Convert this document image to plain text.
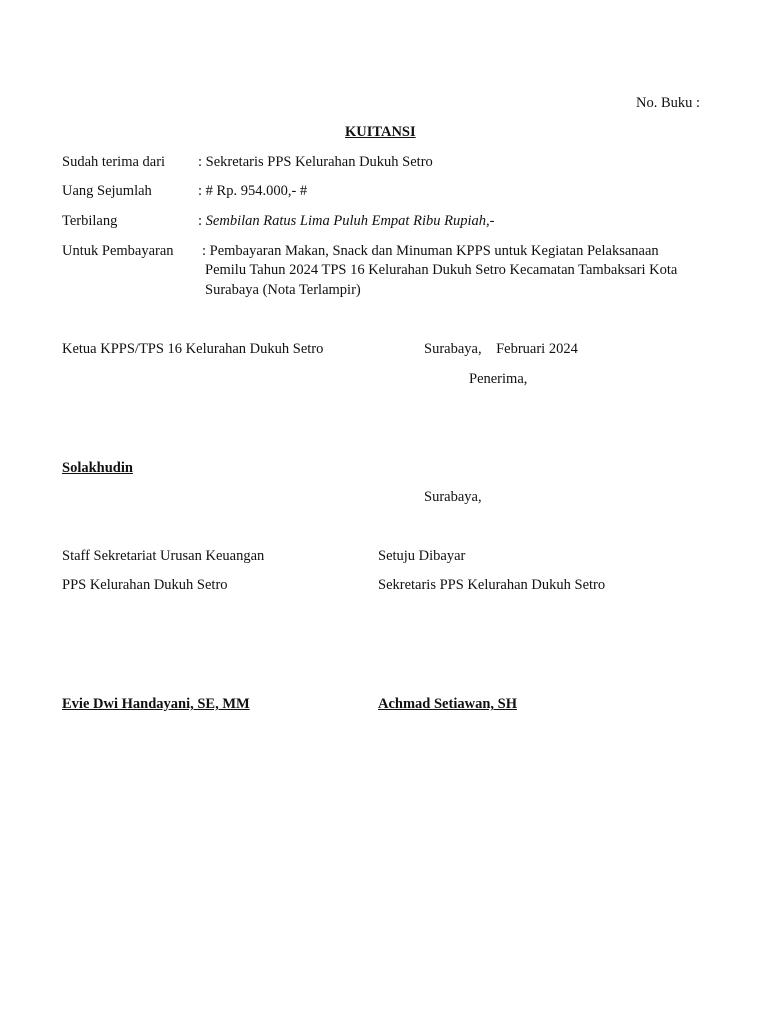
No. Buku :
KUITANSI
Sudah terima dari : Sekretaris PPS Kelurahan Dukuh Setro
Uang Sejumlah	: # Rp. 954.000,- #
Terbilang	: Sembilan Ratus Lima Puluh Empat Ribu Rupiah,-
Untuk Pembayaran : Pembayaran Makan, Snack dan Minuman KPPS untuk Kegiatan Pelaksanaan
Pemilu Tahun 2024 TPS 16 Kelurahan Dukuh Setro Kecamatan Tambaksari Kota
Surabaya (Nota Terlampir)
Ketua KPPS/TPS 16 Kelurahan Dukuh Setro	Surabaya,    Februari 2024
Penerima,
Solakhudin
Surabaya,
Staff Sekretariat Urusan Keuangan	Setuju Dibayar
PPS Kelurahan Dukuh Setro	Sekretaris PPS Kelurahan Dukuh Setro
Evie Dwi Handayani, SE, MM	Achmad Setiawan, SH
